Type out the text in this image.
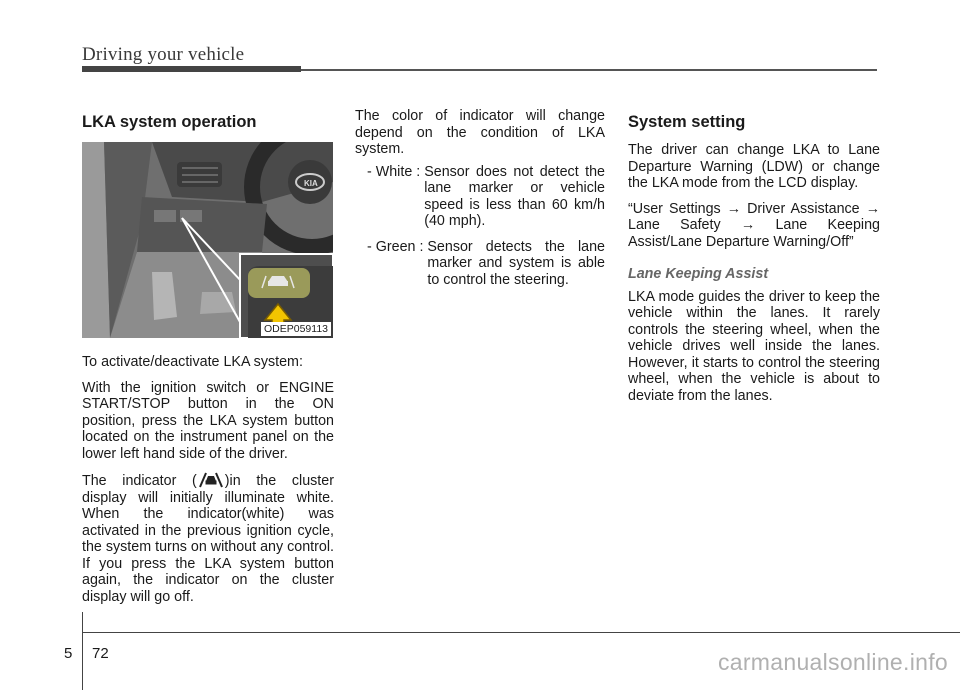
Driving your vehicle
LKA system operation
KIA
ODEP059113

To activate/deactivate LKA system:

With the ignition switch or ENGINE START/STOP button in the ON position, press the LKA system button located on the instrument panel on the lower left hand side of the driver.

The indicator ( )in the cluster display will initially illuminate white. When the indicator(white) was activated in the previous ignition cycle, the system turns on without any control. If you press the LKA system button again, the indicator on the cluster display will go off.

The color of indicator will change depend on the condition of LKA system.

- White : Sensor does not detect the lane marker or vehicle speed is less than 60 km/h (40 mph).
- Green : Sensor detects the lane marker and system is able to control the steering.
System setting

The driver can change LKA to Lane Departure Warning (LDW) or change the LKA mode from the LCD display.

“User Settings → Driver Assistance → Lane Safety → Lane Keeping Assist/Lane Departure Warning/Off”

Lane Keeping Assist

LKA mode guides the driver to keep the vehicle within the lanes. It rarely controls the steering wheel, when the vehicle drives well inside the lanes. However, it starts to control the steering wheel, when the vehicle is about to deviate from the lanes.

5 72	carmanualsonline.info
